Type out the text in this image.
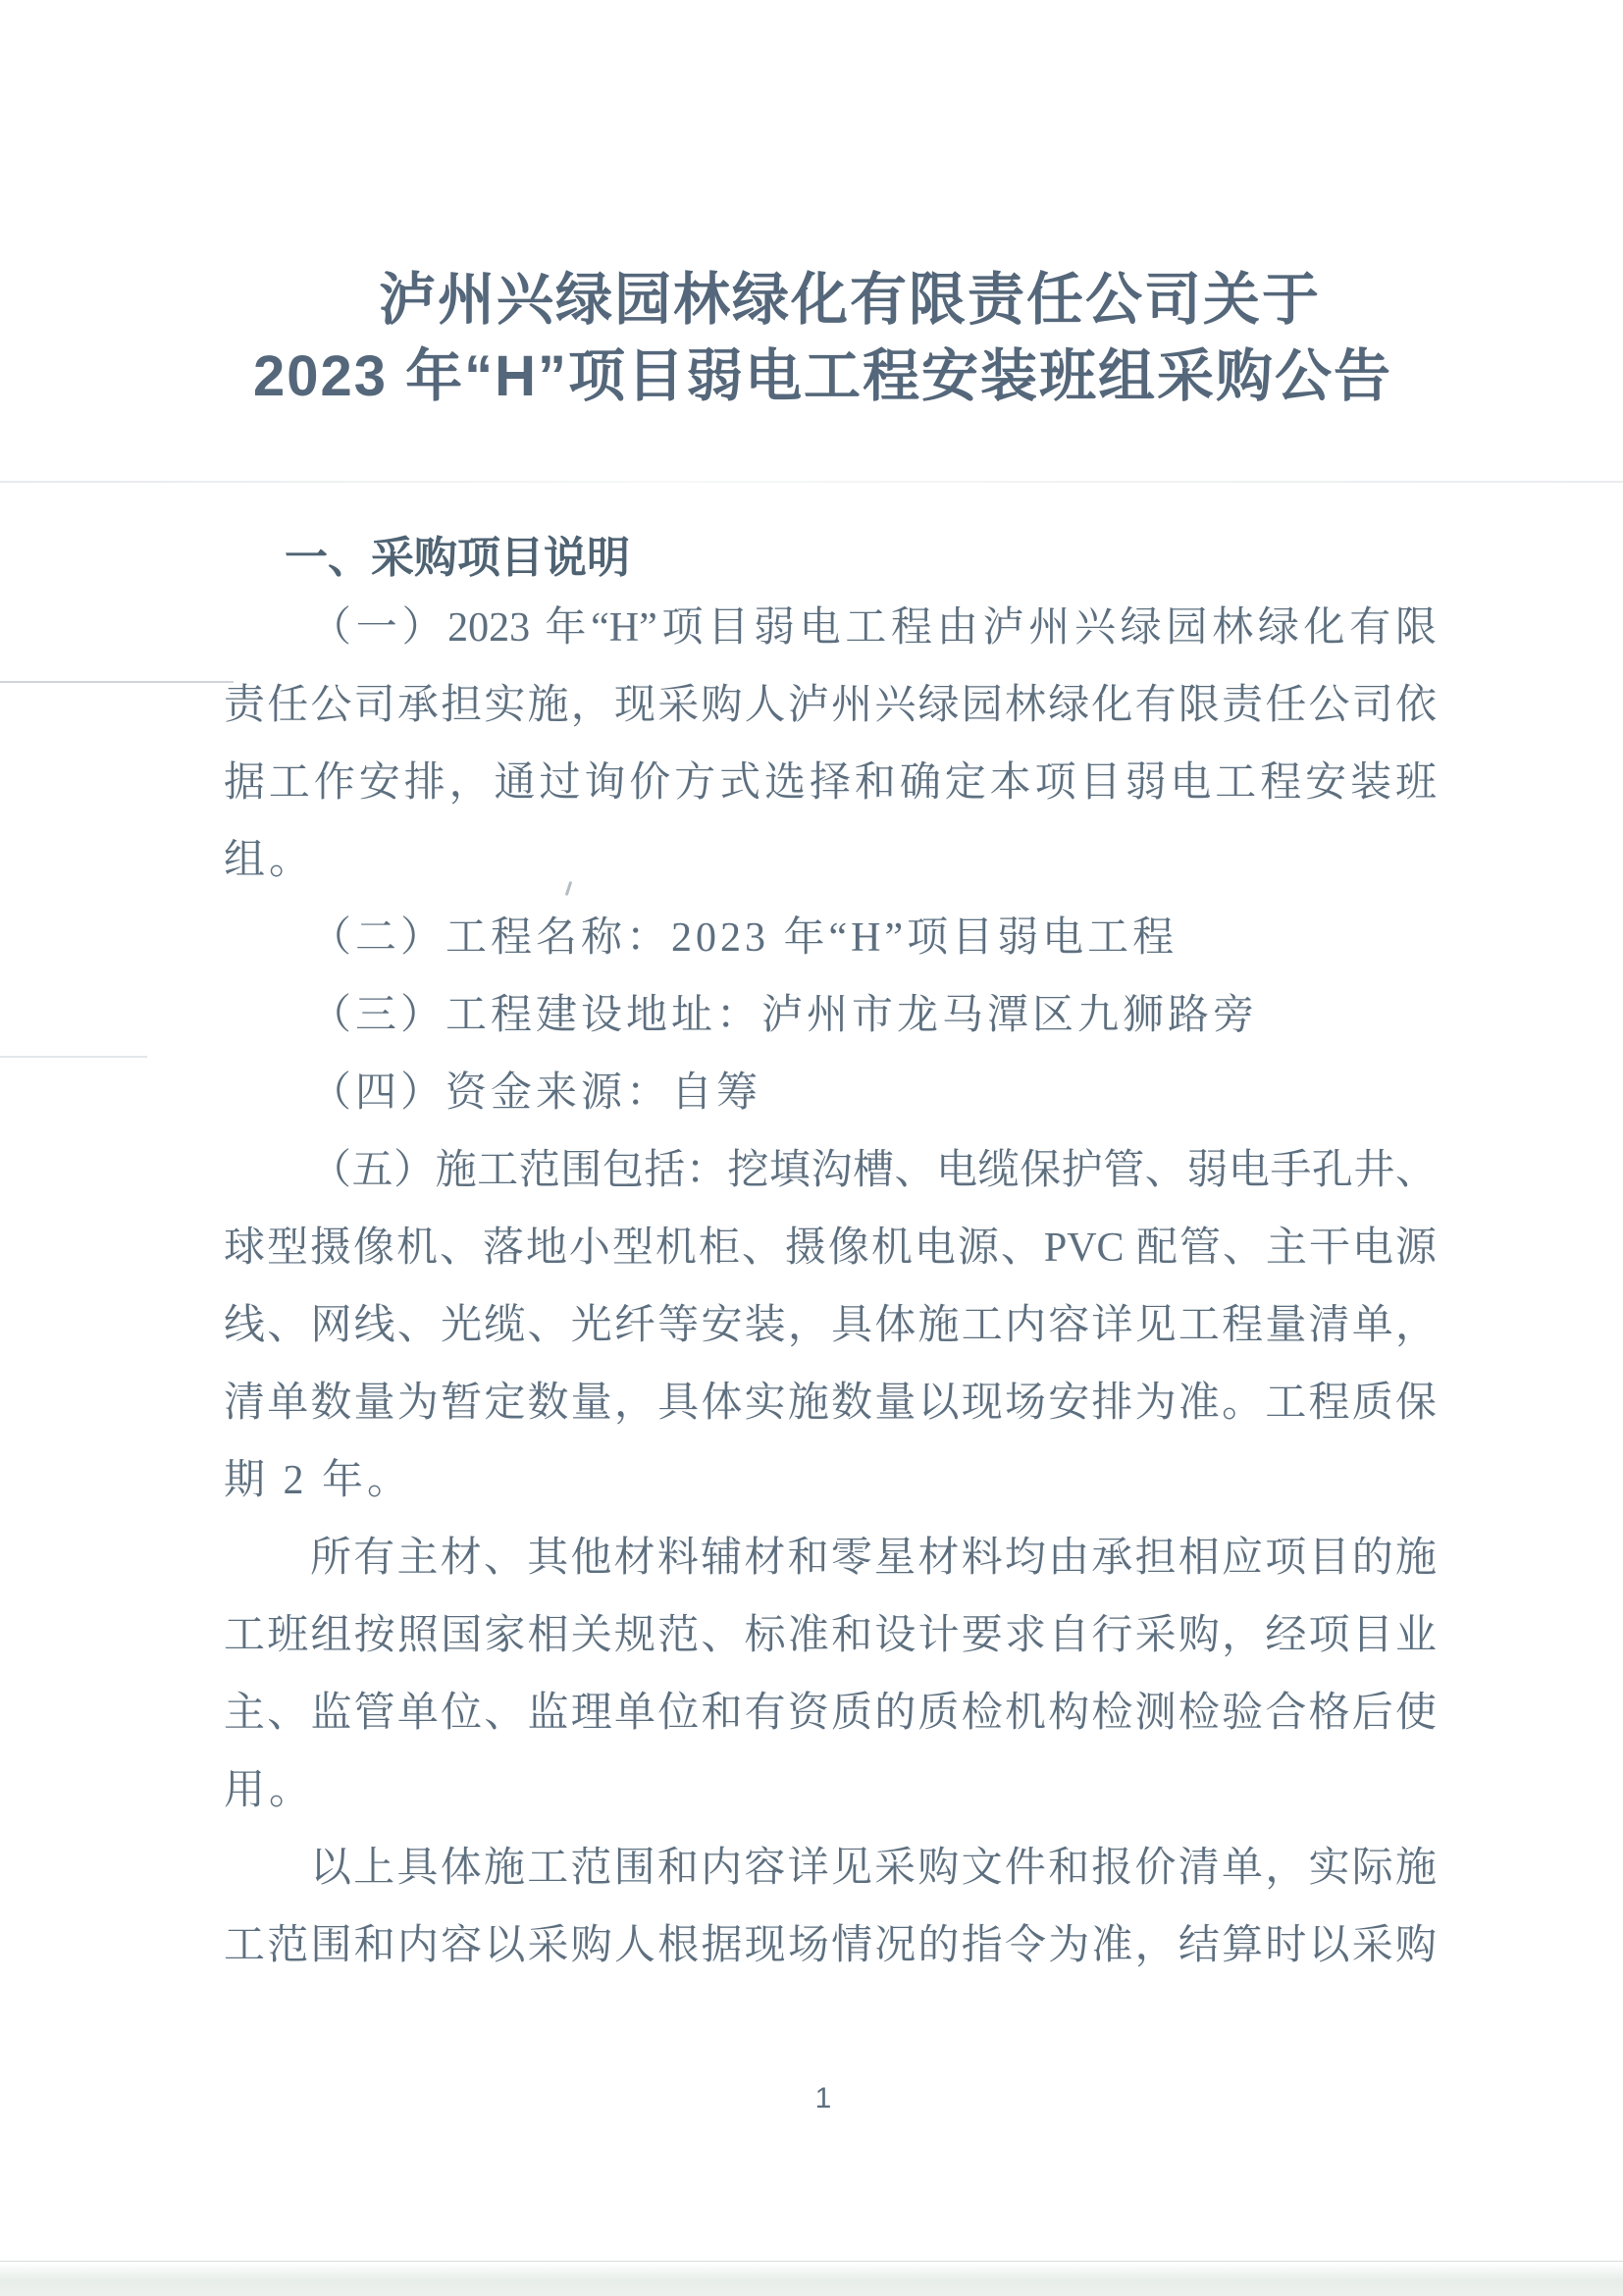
泸州兴绿园林绿化有限责任公司关于
2023 年“H”项目弱电工程安装班组采购公告
一、采购项目说明
（一）2023 年“H”项目弱电工程由泸州兴绿园林绿化有限
责任公司承担实施，现采购人泸州兴绿园林绿化有限责任公司依
据工作安排，通过询价方式选择和确定本项目弱电工程安装班
组。
（二）工程名称：2023 年“H”项目弱电工程
（三）工程建设地址：泸州市龙马潭区九狮路旁
（四）资金来源：自筹
（五）施工范围包括：挖填沟槽、电缆保护管、弱电手孔井、
球型摄像机、落地小型机柜、摄像机电源、PVC 配管、主干电源
线、网线、光缆、光纤等安装，具体施工内容详见工程量清单，
清单数量为暂定数量，具体实施数量以现场安排为准。工程质保
期 2 年。
所有主材、其他材料辅材和零星材料均由承担相应项目的施
工班组按照国家相关规范、标准和设计要求自行采购，经项目业
主、监管单位、监理单位和有资质的质检机构检测检验合格后使
用。
以上具体施工范围和内容详见采购文件和报价清单，实际施
工范围和内容以采购人根据现场情况的指令为准，结算时以采购
1
